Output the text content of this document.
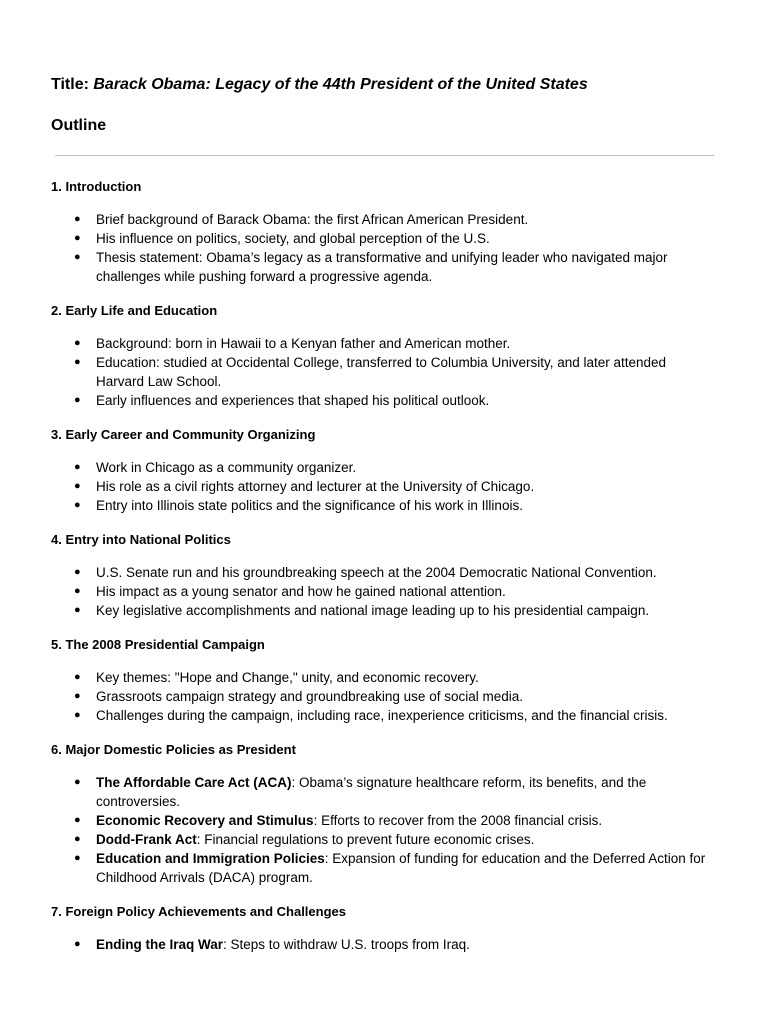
Title: Barack Obama: Legacy of the 44th President of the United States
Outline
1. Introduction
● Brief background of Barack Obama: the first African American President.
● His influence on politics, society, and global perception of the U.S.
● Thesis statement: Obama’s legacy as a transformative and unifying leader who navigated major challenges while pushing forward a progressive agenda.
2. Early Life and Education
● Background: born in Hawaii to a Kenyan father and American mother.
● Education: studied at Occidental College, transferred to Columbia University, and later attended Harvard Law School.
● Early influences and experiences that shaped his political outlook.
3. Early Career and Community Organizing
● Work in Chicago as a community organizer.
● His role as a civil rights attorney and lecturer at the University of Chicago.
● Entry into Illinois state politics and the significance of his work in Illinois.
4. Entry into National Politics
● U.S. Senate run and his groundbreaking speech at the 2004 Democratic National Convention.
● His impact as a young senator and how he gained national attention.
● Key legislative accomplishments and national image leading up to his presidential campaign.
5. The 2008 Presidential Campaign
● Key themes: "Hope and Change," unity, and economic recovery.
● Grassroots campaign strategy and groundbreaking use of social media.
● Challenges during the campaign, including race, inexperience criticisms, and the financial crisis.
6. Major Domestic Policies as President
● The Affordable Care Act (ACA): Obama’s signature healthcare reform, its benefits, and the controversies.
● Economic Recovery and Stimulus: Efforts to recover from the 2008 financial crisis.
● Dodd-Frank Act: Financial regulations to prevent future economic crises.
● Education and Immigration Policies: Expansion of funding for education and the Deferred Action for Childhood Arrivals (DACA) program.
7. Foreign Policy Achievements and Challenges
● Ending the Iraq War: Steps to withdraw U.S. troops from Iraq.
